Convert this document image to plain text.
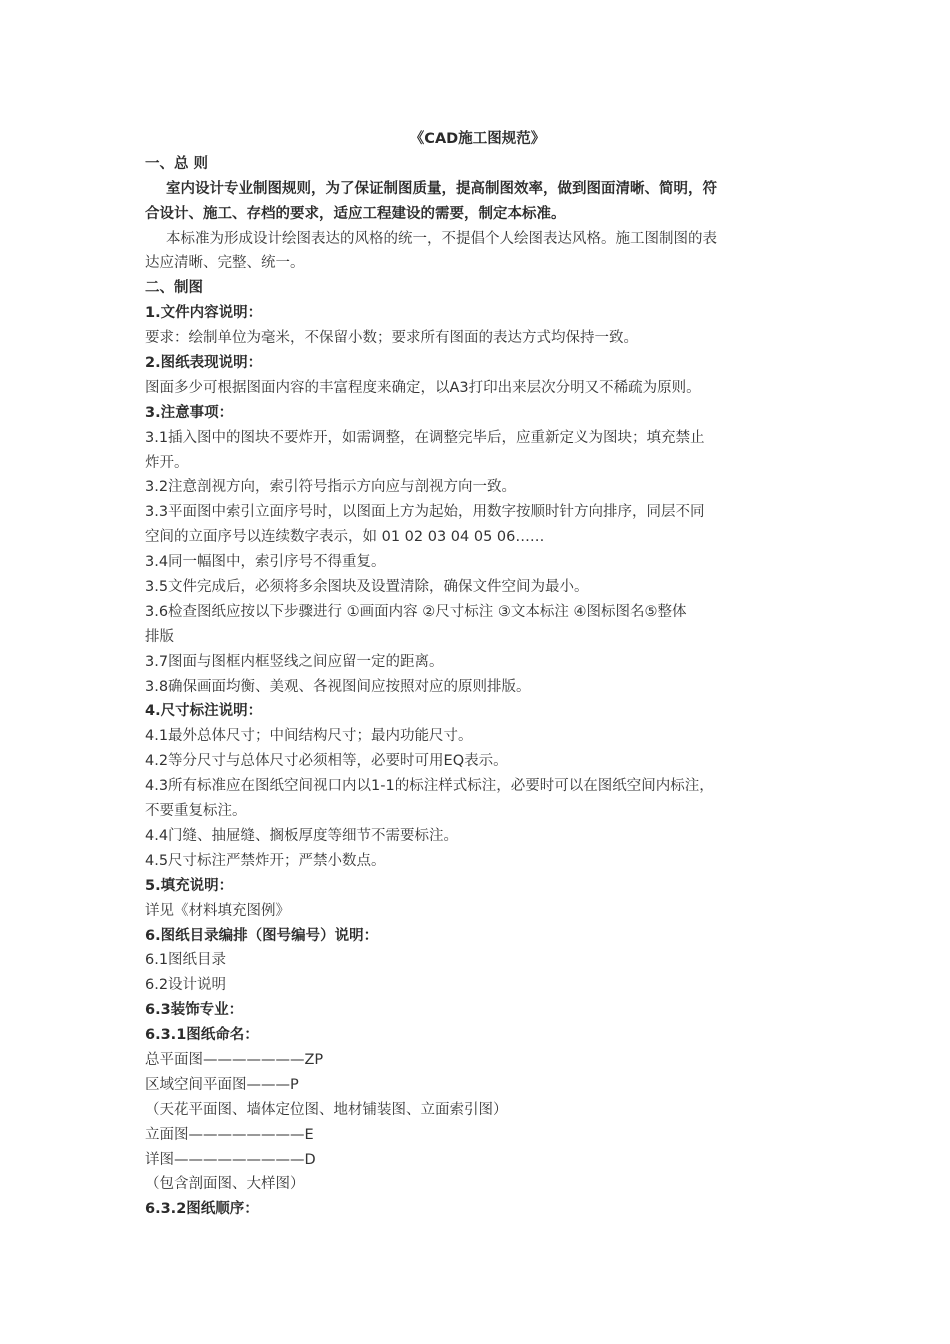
《CAD施工图规范》
一、总 则
室内设计专业制图规则，为了保证制图质量，提高制图效率，做到图面清晰、简明，符
合设计、施工、存档的要求，适应工程建设的需要，制定本标准。
本标准为形成设计绘图表达的风格的统一，不提倡个人绘图表达风格。施工图制图的表
达应清晰、完整、统一。
二、制图
1.文件内容说明：
要求：绘制单位为毫米，不保留小数；要求所有图面的表达方式均保持一致。
2.图纸表现说明：
图面多少可根据图面内容的丰富程度来确定，以A3打印出来层次分明又不稀疏为原则。
3.注意事项：
3.1插入图中的图块不要炸开，如需调整，在调整完毕后，应重新定义为图块；填充禁止
炸开。
3.2注意剖视方向，索引符号指示方向应与剖视方向一致。
3.3平面图中索引立面序号时，以图面上方为起始，用数字按顺时针方向排序，同层不同
空间的立面序号以连续数字表示，如 01 02 03 04 05 06……
3.4同一幅图中，索引序号不得重复。
3.5文件完成后，必须将多余图块及设置清除，确保文件空间为最小。
3.6检查图纸应按以下步骤进行 ①画面内容 ②尺寸标注 ③文本标注 ④图标图名⑤整体
排版
3.7图面与图框内框竖线之间应留一定的距离。
3.8确保画面均衡、美观、各视图间应按照对应的原则排版。
4.尺寸标注说明：
4.1最外总体尺寸；中间结构尺寸；最内功能尺寸。
4.2等分尺寸与总体尺寸必须相等，必要时可用EQ表示。
4.3所有标准应在图纸空间视口内以1-1的标注样式标注，必要时可以在图纸空间内标注，
不要重复标注。
4.4门缝、抽屉缝、搁板厚度等细节不需要标注。
4.5尺寸标注严禁炸开；严禁小数点。
5.填充说明：
详见《材料填充图例》
6.图纸目录编排（图号编号）说明：
6.1图纸目录
6.2设计说明
6.3装饰专业：
6.3.1图纸命名：
总平面图———————ZP
区域空间平面图———P
（天花平面图、墙体定位图、地材铺装图、立面索引图）
立面图————————E
详图—————————D
（包含剖面图、大样图）
6.3.2图纸顺序：
